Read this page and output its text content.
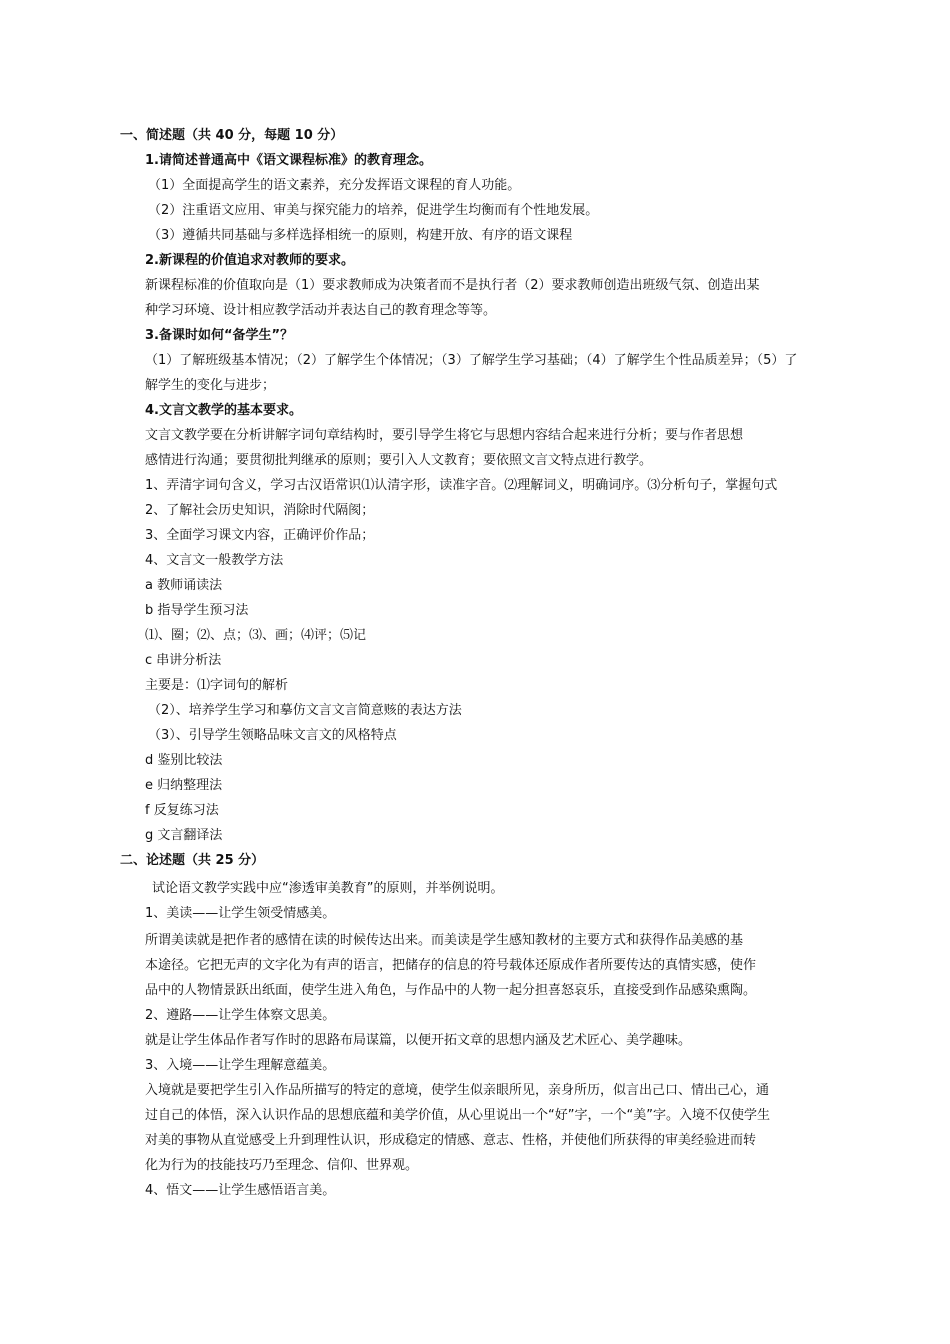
一、简述题（共 40 分，每题 10 分）
1.请简述普通高中《语文课程标准》的教育理念。
（1）全面提高学生的语文素养，充分发挥语文课程的育人功能。
（2）注重语文应用、审美与探究能力的培养，促进学生均衡而有个性地发展。
（3）遵循共同基础与多样选择相统一的原则，构建开放、有序的语文课程
2.新课程的价值追求对教师的要求。
新课程标准的价值取向是（1）要求教师成为决策者而不是执行者（2）要求教师创造出班级气氛、创造出某
种学习环境、设计相应教学活动并表达自己的教育理念等等。
3.备课时如何“备学生”？
（1）了解班级基本情况；（2）了解学生个体情况；（3）了解学生学习基础；（4）了解学生个性品质差异；（5）了
解学生的变化与进步；
4.文言文教学的基本要求。
文言文教学要在分析讲解字词句章结构时，要引导学生将它与思想内容结合起来进行分析；要与作者思想
感情进行沟通；要贯彻批判继承的原则；要引入人文教育；要依照文言文特点进行教学。
1、弄清字词句含义，学习古汉语常识⑴认清字形，读准字音。⑵理解词义，明确词序。⑶分析句子，掌握句式
2、了解社会历史知识，消除时代隔阂；
3、全面学习课文内容，正确评价作品；
4、文言文一般教学方法
a 教师诵读法
b 指导学生预习法
⑴、圈；⑵、点；⑶、画；⑷评；⑸记
c 串讲分析法
主要是：⑴字词句的解析
（2）、培养学生学习和摹仿文言文言简意赅的表达方法
（3）、引导学生领略品味文言文的风格特点
d 鉴别比较法
e 归纳整理法
f 反复练习法
g 文言翻译法
二、论述题（共 25 分）
试论语文教学实践中应“渗透审美教育”的原则，并举例说明。
1、美读——让学生领受情感美。
所谓美读就是把作者的感情在读的时候传达出来。而美读是学生感知教材的主要方式和获得作品美感的基
本途径。它把无声的文字化为有声的语言，把储存的信息的符号载体还原成作者所要传达的真情实感，使作
品中的人物情景跃出纸面，使学生进入角色，与作品中的人物一起分担喜怒哀乐，直接受到作品感染熏陶。
2、遵路——让学生体察文思美。
就是让学生体品作者写作时的思路布局谋篇，以便开拓文章的思想内涵及艺术匠心、美学趣味。
3、入境——让学生理解意蕴美。
入境就是要把学生引入作品所描写的特定的意境，使学生似亲眼所见，亲身所历，似言出己口、情出己心，通
过自己的体悟，深入认识作品的思想底蕴和美学价值，从心里说出一个“好”字，一个“美”字。入境不仅使学生
对美的事物从直觉感受上升到理性认识，形成稳定的情感、意志、性格，并使他们所获得的审美经验进而转
化为行为的技能技巧乃至理念、信仰、世界观。
4、悟文——让学生感悟语言美。
